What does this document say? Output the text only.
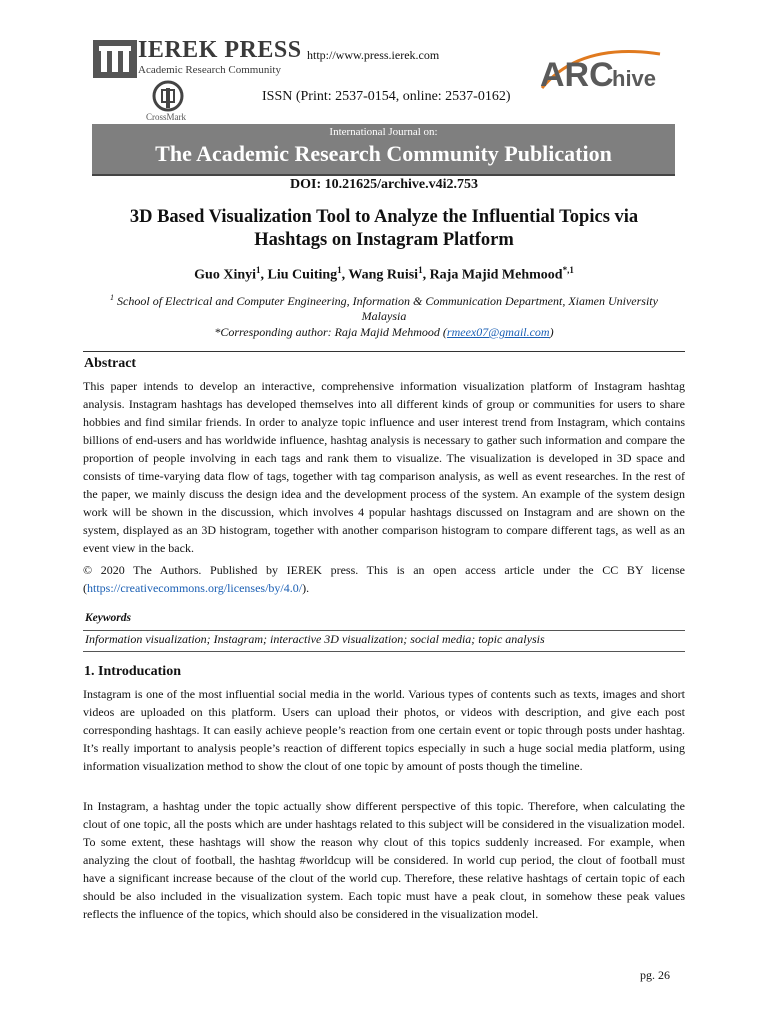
IEREK PRESS
Academic Research Community
CrossMark
http://www.press.ierek.com
ISSN (Print: 2537-0154, online: 2537-0162)
ARC
hive
International Journal on:
The Academic Research Community Publication
DOI: 10.21625/archive.v4i2.753
3D Based Visualization Tool to Analyze the Influential Topics via
Hashtags on Instagram Platform
Guo Xinyi$^1$, Liu Cuiting$^1$, Wang Ruisi$^1$, Raja Majid Mehmood$^{*,1}$
$^1$ School of Electrical and Computer Engineering, Information & Communication Department, Xiamen University Malaysia
*Corresponding author: Raja Majid Mehmood (rmeex07@gmail.com)
Abstract
This paper intends to develop an interactive, comprehensive information visualization platform of Instagram hashtag analysis. Instagram hashtags has developed themselves into all different kinds of group or communities for users to share hobbies and find similar friends. In order to analyze topic influence and user interest trend from Instagram, which contains billions of end-users and has worldwide influence, hashtag analysis is necessary to gather such information and compare the proportion of people involving in each tags and rank them to visualize. The visualization is developed in 3D space and consists of time-varying data flow of tags, together with tag comparison analysis, as well as event researches. In the rest of the paper, we mainly discuss the design idea and the development process of the system. An example of the system design work will be shown in the discussion, which involves 4 popular hashtags discussed on Instagram and are shown on the system, displayed as an 3D histogram, together with another comparison histogram to compare different tags, as well as an event view in the back.
© 2020 The Authors. Published by IEREK press. This is an open access article under the CC BY license (https://creativecommons.org/licenses/by/4.0/).
Keywords
Information visualization; Instagram; interactive 3D visualization; social media; topic analysis
1. Introducation
Instagram is one of the most influential social media in the world. Various types of contents such as texts, images and short videos are uploaded on this platform. Users can upload their photos, or videos with description, and give each post corresponding hashtags. It can easily achieve people’s reaction from one certain event or topic through posts under hashtag. It’s really important to analysis people’s reaction of different topics especially in such a huge social media platform, using information visualization method to show the clout of one topic by amount of posts though the timeline.
In Instagram, a hashtag under the topic actually show different perspective of this topic. Therefore, when calculating the clout of one topic, all the posts which are under hashtags related to this subject will be considered in the visualization model. To some extent, these hashtags will show the reason why clout of this topics suddenly increased. For example, when analyzing the clout of football, the hashtag #worldcup will be considered. In world cup period, the clout of football must have a significant increase because of the clout of the world cup. Therefore, these relative hashtags of certain topic of each should be also included in the visualization system. Each topic must have a peak clout, in somehow these peak values reflects the influence of the topics, which should also be considered in the visualization model.
pg. 26
